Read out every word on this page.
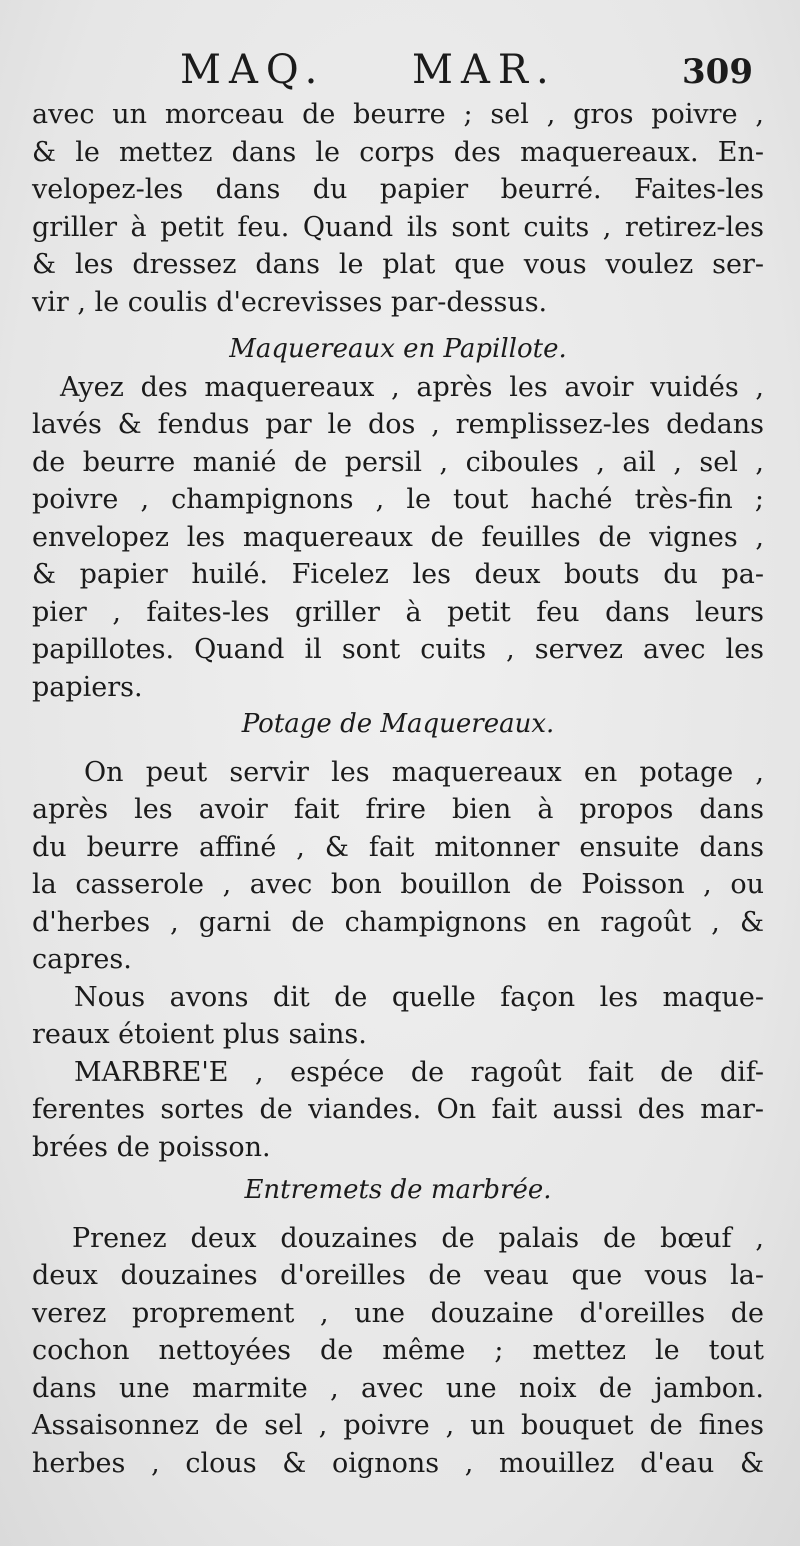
MAQ. MAR.	309
avec un morceau de beurre ; sel , gros poivre ,
& le mettez dans le corps des maquereaux. En-
velopez-les dans du papier beurré. Faites-les
griller à petit feu. Quand ils sont cuits , retirez-les
& les dressez dans le plat que vous voulez ser-
vir , le coulis d'ecrevisses par-dessus.
Maquereaux en Papillote.
Ayez des maquereaux , après les avoir vuidés ,
lavés & fendus par le dos , remplissez-les dedans
de beurre manié de persil , ciboules , ail , sel ,
poivre , champignons , le tout haché très-fin ;
envelopez les maquereaux de feuilles de vignes ,
& papier huilé. Ficelez les deux bouts du pa-
pier , faites-les griller à petit feu dans leurs
papillotes. Quand il sont cuits , servez avec les
papiers.
Potage de Maquereaux.
On peut servir les maquereaux en potage ,
après les avoir fait frire bien à propos dans
du beurre affiné , & fait mitonner ensuite dans
la casserole , avec bon bouillon de Poisson , ou
d'herbes , garni de champignons en ragoût , &
capres.
Nous avons dit de quelle façon les maque-
reaux étoient plus sains.
MARBRE'E , espéce de ragoût fait de dif-
ferentes sortes de viandes. On fait aussi des mar-
brées de poisson.
Entremets de marbrée.
Prenez deux douzaines de palais de bœuf ,
deux douzaines d'oreilles de veau que vous la-
verez proprement , une douzaine d'oreilles de
cochon nettoyées de même ; mettez le tout
dans une marmite , avec une noix de jambon.
Assaisonnez de sel , poivre , un bouquet de fines
herbes , clous & oignons , mouillez d'eau &
